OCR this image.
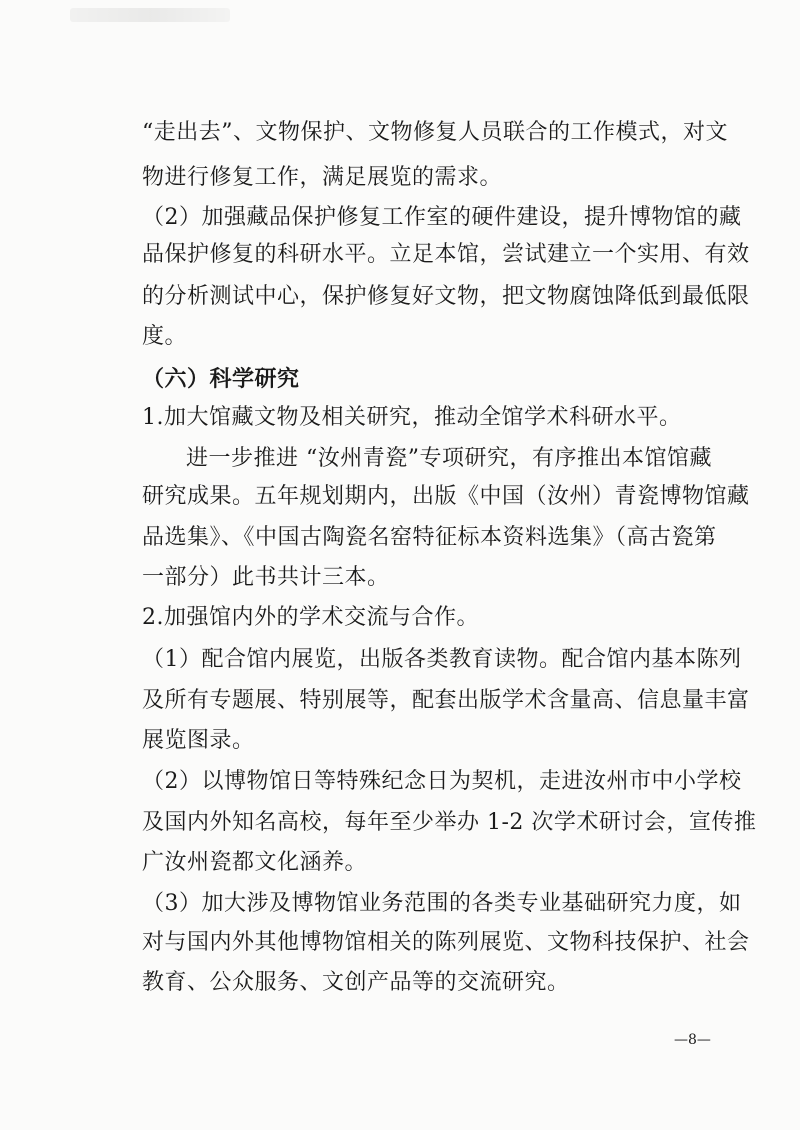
“走出去”、文物保护、文物修复人员联合的工作模式，对文
物进行修复工作，满足展览的需求。
（2）加强藏品保护修复工作室的硬件建设，提升博物馆的藏
品保护修复的科研水平。立足本馆，尝试建立一个实用、有效
的分析测试中心，保护修复好文物，把文物腐蚀降低到最低限
度。
（六）科学研究
1.加大馆藏文物及相关研究，推动全馆学术科研水平。
进一步推进 “汝州青瓷”专项研究，有序推出本馆馆藏
研究成果。五年规划期内，出版《中国（汝州）青瓷博物馆藏
品选集》、《中国古陶瓷名窑特征标本资料选集》（高古瓷第
一部分）此书共计三本。
2.加强馆内外的学术交流与合作。
（1）配合馆内展览，出版各类教育读物。配合馆内基本陈列
及所有专题展、特别展等，配套出版学术含量高、信息量丰富
展览图录。
（2）以博物馆日等特殊纪念日为契机，走进汝州市中小学校
及国内外知名高校，每年至少举办 1-2 次学术研讨会，宣传推
广汝州瓷都文化涵养。
（3）加大涉及博物馆业务范围的各类专业基础研究力度，如
对与国内外其他博物馆相关的陈列展览、文物科技保护、社会
教育、公众服务、文创产品等的交流研究。
—8—
